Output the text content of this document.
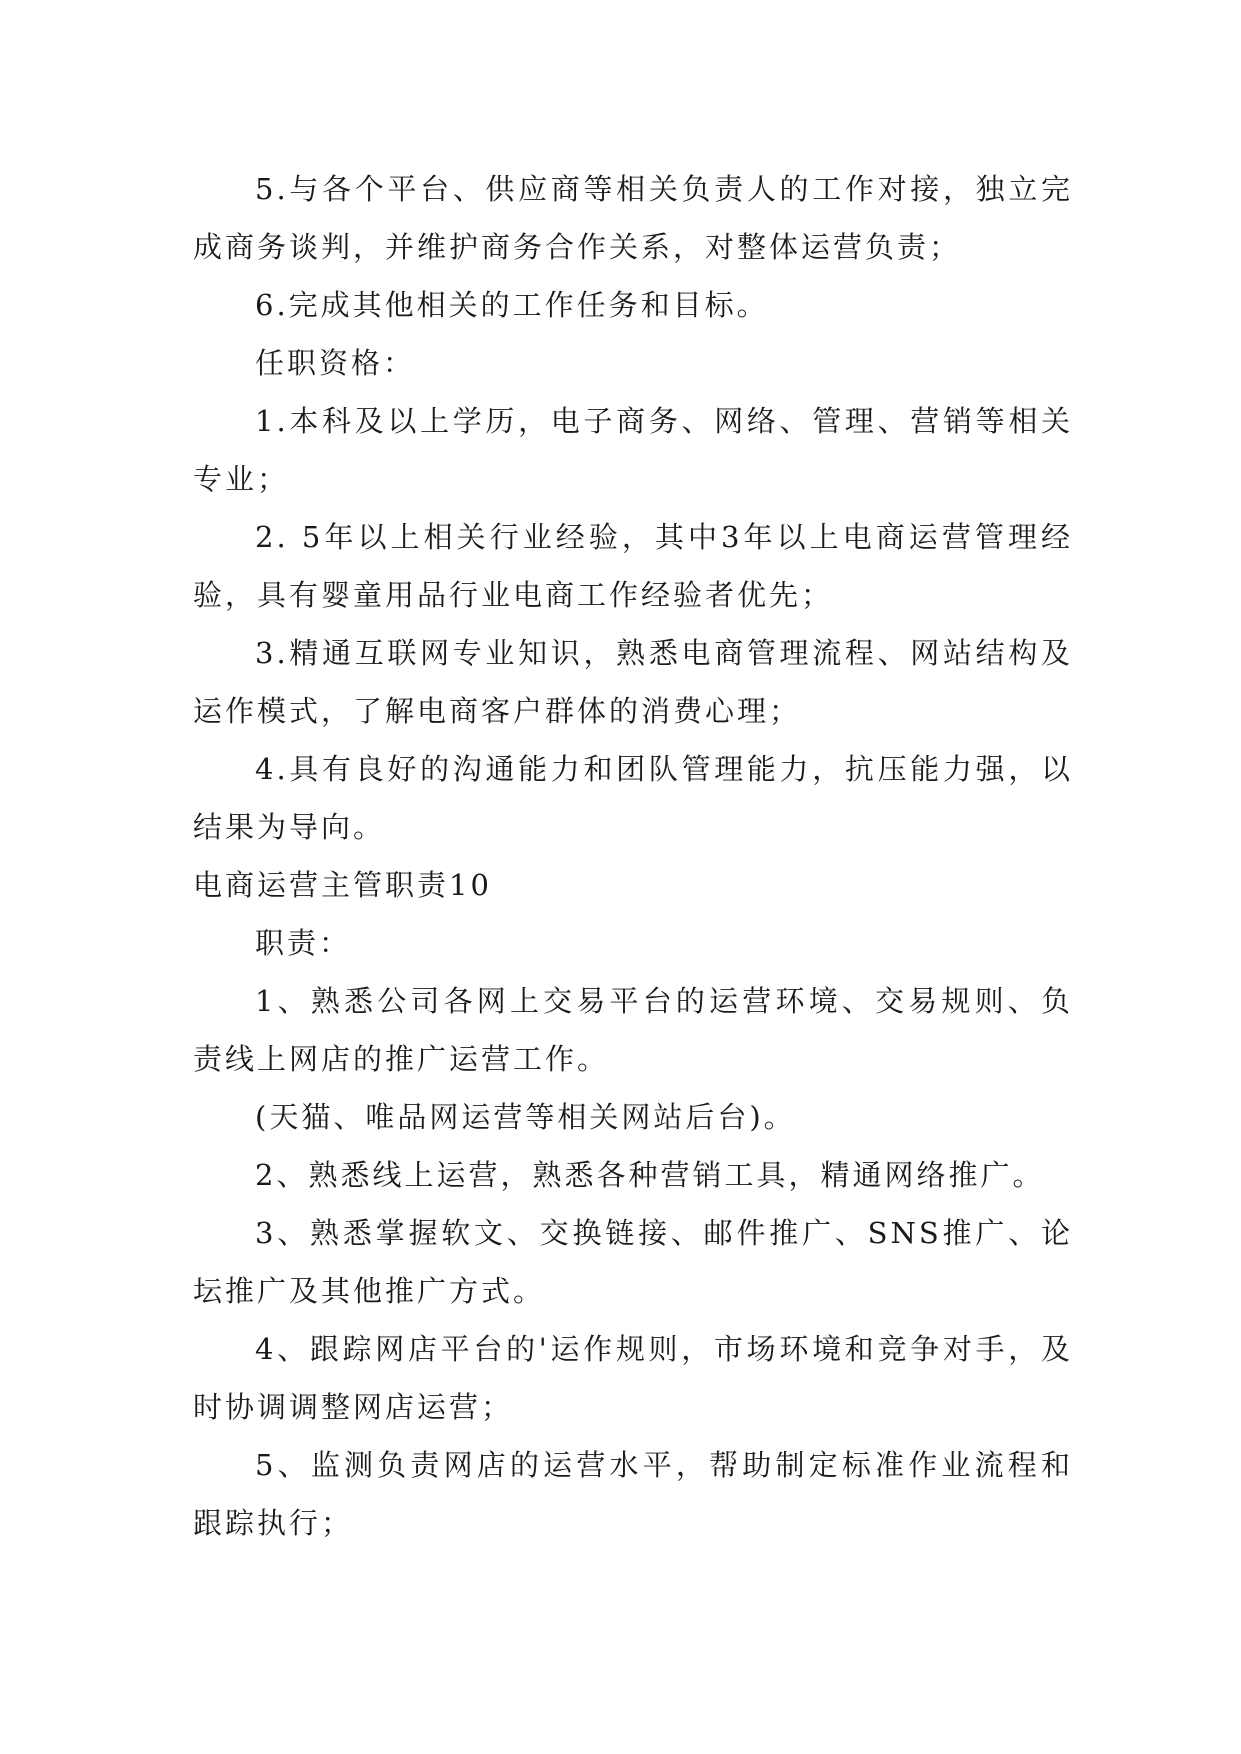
5.与各个平台、供应商等相关负责人的工作对接，独立完成商务谈判，并维护商务合作关系，对整体运营负责；

6.完成其他相关的工作任务和目标。

任职资格：

1.本科及以上学历，电子商务、网络、管理、营销等相关专业；

2. 5年以上相关行业经验，其中3年以上电商运营管理经验，具有婴童用品行业电商工作经验者优先；

3.精通互联网专业知识，熟悉电商管理流程、网站结构及运作模式，了解电商客户群体的消费心理；

4.具有良好的沟通能力和团队管理能力，抗压能力强，以结果为导向。

电商运营主管职责10

职责：

1、熟悉公司各网上交易平台的运营环境、交易规则、负责线上网店的推广运营工作。

(天猫、唯品网运营等相关网站后台)。

2、熟悉线上运营，熟悉各种营销工具，精通网络推广。

3、熟悉掌握软文、交换链接、邮件推广、SNS推广、论坛推广及其他推广方式。

4、跟踪网店平台的'运作规则，市场环境和竞争对手，及时协调调整网店运营；

5、监测负责网店的运营水平，帮助制定标准作业流程和跟踪执行；
